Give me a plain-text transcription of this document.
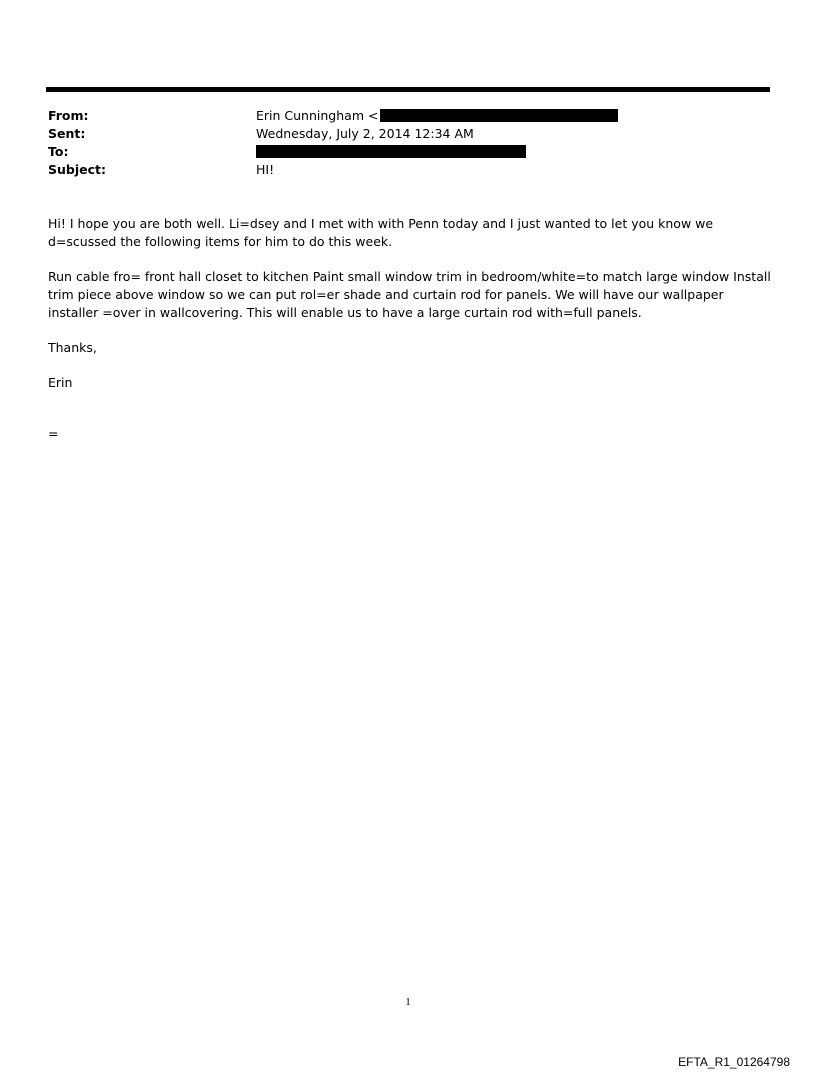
From:	Erin Cunningham <
Sent:	Wednesday, July 2, 2014 12:34 AM
To:
Subject:	HI!

Hi! I hope you are both well. Li=dsey and I met with with Penn today and I just wanted to let you know we d=scussed the following items for him to do this week.

Run cable fro= front hall closet to kitchen Paint small window trim in bedroom/white=to match large window Install trim piece above window so we can put rol=er shade and curtain rod for panels. We will have our wallpaper installer =over in wallcovering. This will enable us to have a large curtain rod with=full panels.

Thanks,

Erin

=

1
EFTA_R1_01264798
